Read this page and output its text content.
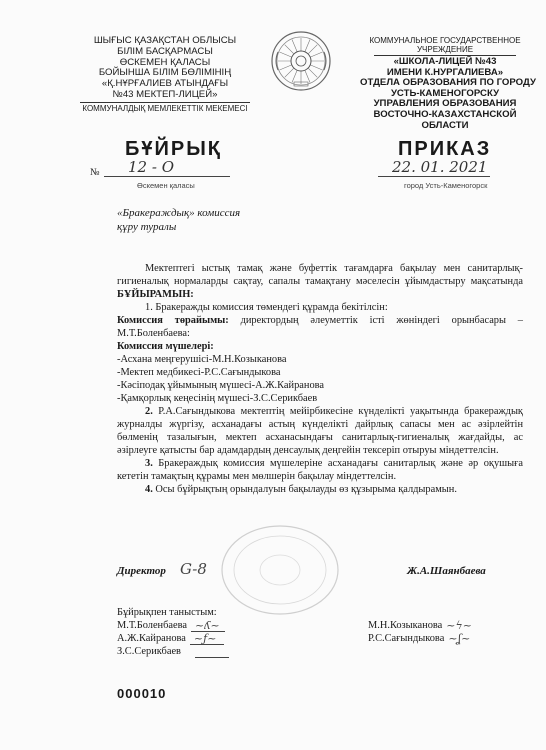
ШЫҒЫС ҚАЗАҚСТАН ОБЛЫСЫ
БІЛІМ БАСҚАРМАСЫ
ӨСКЕМЕН ҚАЛАСЫ
БОЙЫНША БІЛІМ БӨЛІМІНІҢ
«Қ.НҰРҒАЛИЕВ АТЫНДАҒЫ
№43 МЕКТЕП-ЛИЦЕЙ»
КОММУНАЛДЫҚ МЕМЛЕКЕТТІК МЕКЕМЕСІ
КОММУНАЛЬНОЕ ГОСУДАРСТВЕННОЕ
УЧРЕЖДЕНИЕ
«ШКОЛА-ЛИЦЕЙ №43
ИМЕНИ К.НУРГАЛИЕВА»
ОТДЕЛА ОБРАЗОВАНИЯ ПО ГОРОДУ
УСТЬ-КАМЕНОГОРСКУ
УПРАВЛЕНИЯ ОБРАЗОВАНИЯ
ВОСТОЧНО-КАЗАХСТАНСКОЙ
ОБЛАСТИ
БҰЙРЫҚ	ПРИКАЗ
№ 12 - О
Өскемен қаласы
22. 01. 2021
город Усть-Каменогорск
«Бракераждық» комиссия
құру туралы

Мектептегі ыстық тамақ және буфеттік тағамдарға бақылау мен санитарлық-гигиеналық нормаларды сақтау, сапалы тамақтану мәселесін ұйымдастыру мақсатында БҰЙЫРАМЫН:

1. Бракеражды комиссия төмендегі құрамда бекітілсін:

Комиссия төрайымы: директордың әлеуметтік істі жөніндегі орынбасары –М.Т.Боленбаева:

Комиссия мүшелері:

-Асхана меңгерушісі-М.Н.Козыканова

-Мектеп медбикесі-Р.С.Сағындыкова

-Кәсіподақ ұйымының мүшесі-А.Ж.Кайранова

-Қамқорлық кеңесінің мүшесі-З.С.Серикбаев

2. Р.А.Сағындыкова мектептің мейірбикесіне күнделікті уақытында бракераждық журналды жүргізу, асханадағы астың күнделікті дайрлық сапасы мен ас әзірлейтін бөлменің тазалығын, мектеп асханасындағы санитарлық-гигиеналық жағдайды, ас әзірлеуге қатысты бар адамдардың денсаулық деңгейін тексеріп отыруы міндеттелсін.

3. Бракераждық комиссия мүшелеріне асханадағы санитарлық және әр оқушыға кететін тамақтың құрамы мен мөлшерін бақылау міндеттелсін.

4. Осы бұйрықтың орындалуын бақылауды өз құзырыма қалдырамын.

Директор G-8	Ж.А.Шаянбаева
Бұйрықпен таныстым:
М.Т.Боленбаева ~ʎ~
А.Ж.Кайранова ~ƒ~
З.С.Серикбаев
М.Н.Козыканова ~ϟ~
Р.С.Сағындыкова ~ʆ~
000010
